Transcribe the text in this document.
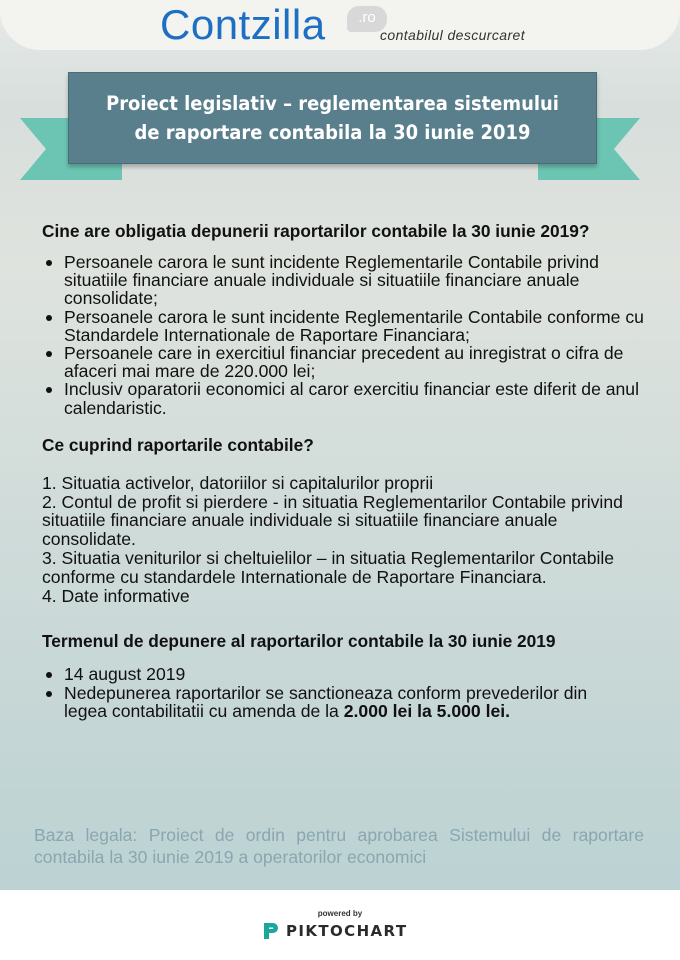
Contzilla	.ro
contabilul descurcaret
Proiect legislativ – reglementarea sistemului de raportare contabila la 30 iunie 2019
Cine are obligatia depunerii raportarilor contabile la 30 iunie 2019?
Persoanele carora le sunt incidente Reglementarile Contabile privind situatiile financiare anuale individuale si situatiile financiare anuale consolidate;
Persoanele carora le sunt incidente Reglementarile Contabile conforme cu Standardele Internationale de Raportare Financiara;
Persoanele care in exercitiul financiar precedent au inregistrat o cifra de afaceri mai mare de 220.000 lei;
Inclusiv oparatorii economici al caror exercitiu financiar este diferit de anul calendaristic.
Ce cuprind raportarile contabile?
1. Situatia activelor, datoriilor si capitalurilor proprii
2. Contul de profit si pierdere - in situatia Reglementarilor Contabile privind situatiile financiare anuale individuale si situatiile financiare anuale consolidate.
3. Situatia veniturilor si cheltuielilor – in situatia Reglementarilor Contabile conforme cu standardele Internationale de Raportare Financiara.
4. Date informative
Termenul de depunere al raportarilor contabile la 30 iunie 2019
14 august 2019
Nedepunerea raportarilor se sanctioneaza conform prevederilor din legea contabilitatii cu amenda de la 2.000 lei la 5.000 lei.
Baza legala: Proiect de ordin pentru aprobarea Sistemului de raportare contabila la 30 iunie 2019 a operatorilor economici
powered by
PIKTOCHART
